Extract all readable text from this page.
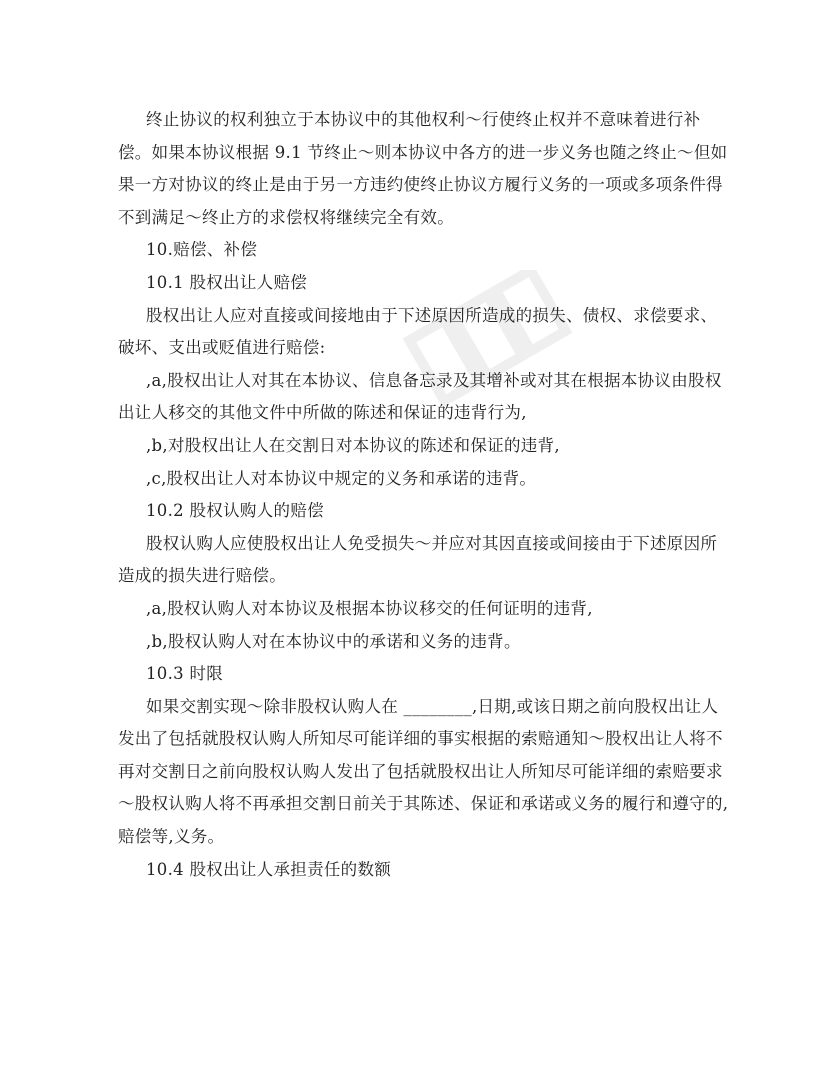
终止协议的权利独立于本协议中的其他权利～行使终止权并不意味着进行补
偿。如果本协议根据 9.1 节终止～则本协议中各方的进一步义务也随之终止～但如
果一方对协议的终止是由于另一方违约使终止协议方履行义务的一项或多项条件得
不到满足～终止方的求偿权将继续完全有效。
10.赔偿、补偿
10.1 股权出让人赔偿
股权出让人应对直接或间接地由于下述原因所造成的损失、债权、求偿要求、
破坏、支出或贬值进行赔偿:
,a,股权出让人对其在本协议、信息备忘录及其增补或对其在根据本协议由股权
出让人移交的其他文件中所做的陈述和保证的违背行为,
,b,对股权出让人在交割日对本协议的陈述和保证的违背,
,c,股权出让人对本协议中规定的义务和承诺的违背。
10.2 股权认购人的赔偿
股权认购人应使股权出让人免受损失～并应对其因直接或间接由于下述原因所
造成的损失进行赔偿。
,a,股权认购人对本协议及根据本协议移交的任何证明的违背,
,b,股权认购人对在本协议中的承诺和义务的违背。
10.3 时限
如果交割实现～除非股权认购人在 ________,日期,或该日期之前向股权出让人
发出了包括就股权认购人所知尽可能详细的事实根据的索赔通知～股权出让人将不
再对交割日之前向股权认购人发出了包括就股权出让人所知尽可能详细的索赔要求
～股权认购人将不再承担交割日前关于其陈述、保证和承诺或义务的履行和遵守的,
赔偿等,义务。
10.4 股权出让人承担责任的数额
